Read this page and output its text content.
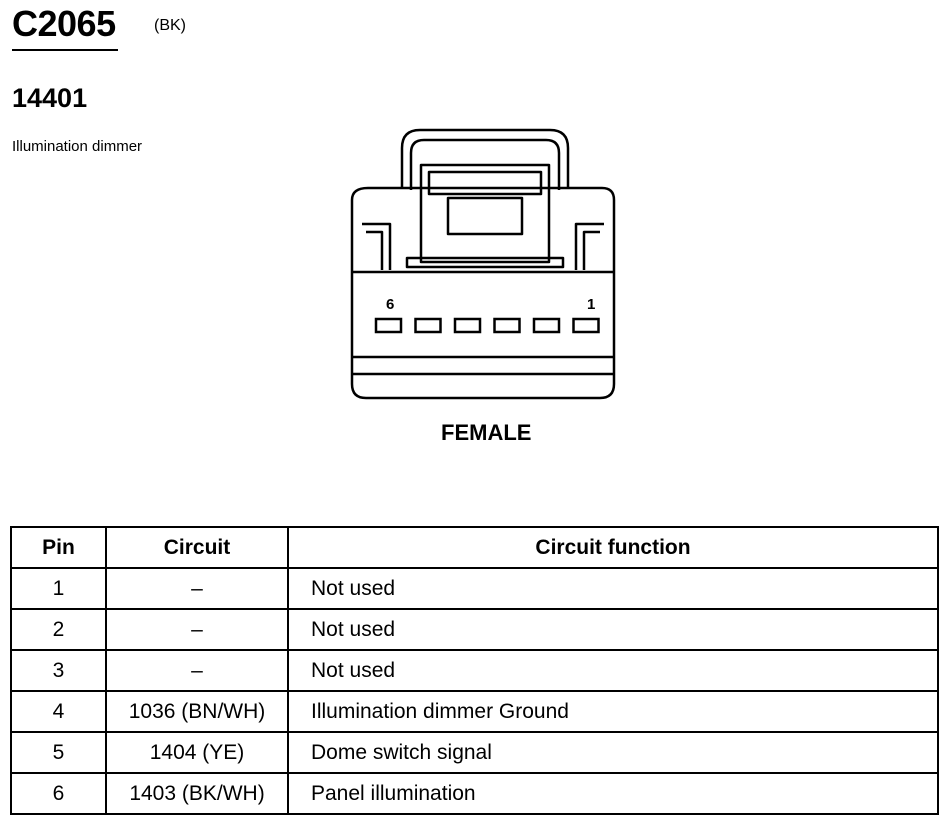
C2065 (BK)
14401
Illumination dimmer
6	1
FEMALE
Pin	Circuit	Circuit function
1	–	Not used
2	–	Not used
3	–	Not used
4	1036 (BN/WH)	Illumination dimmer Ground
5	1404 (YE)	Dome switch signal
6	1403 (BK/WH)	Panel illumination
